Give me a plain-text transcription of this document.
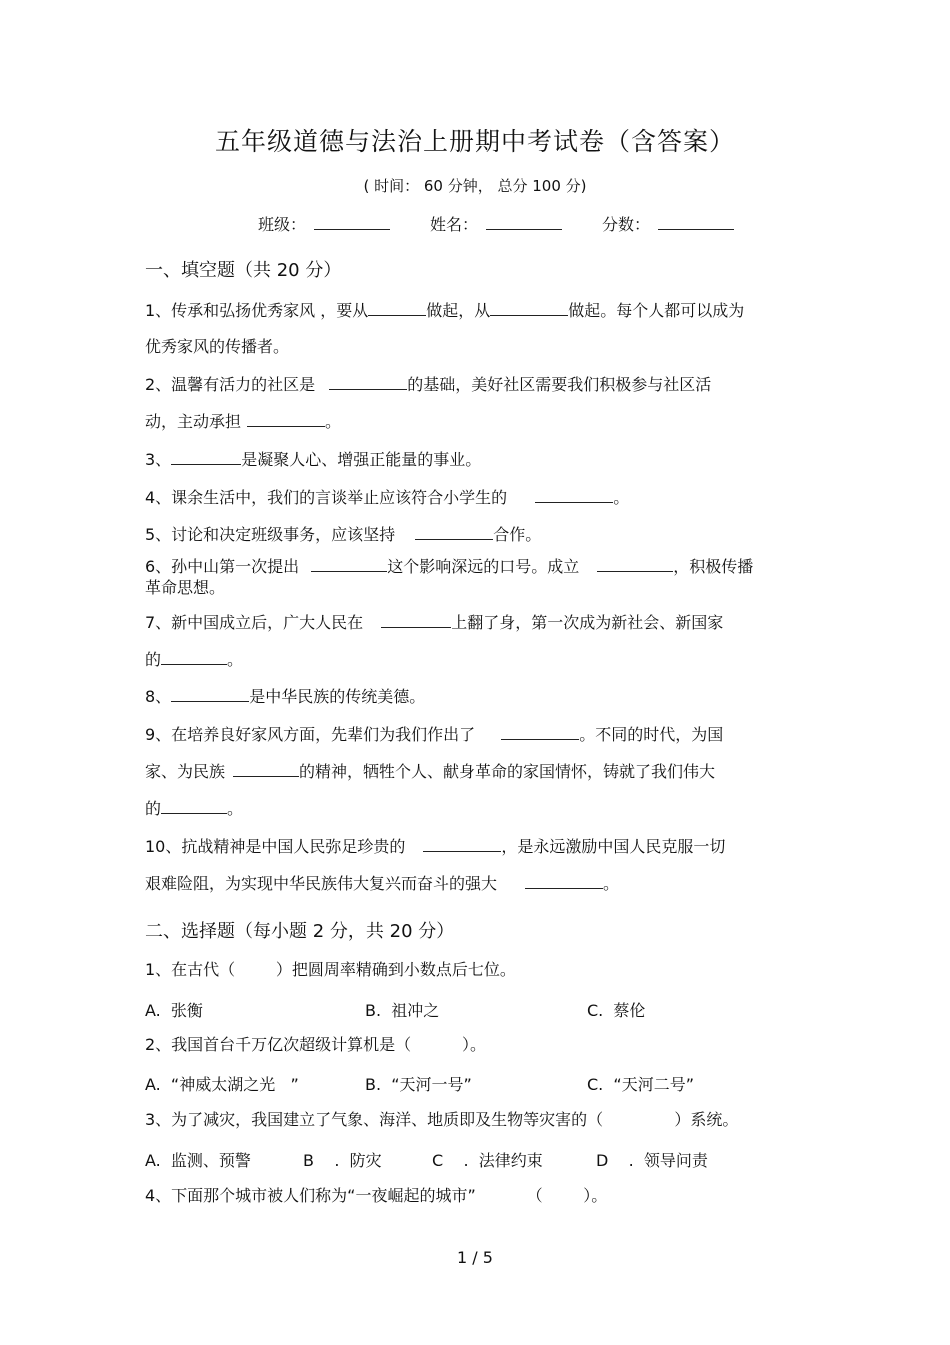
五年级道德与法治上册期中考试卷（含答案）
( 时间： 60 分钟， 总分 100 分)
班级：	姓名：	分数：
一、填空题（共 20 分）
1、传承和弘扬优秀家风 ，要从	做起，从	做起。每个人都可以成为
优秀家风的传播者。
2、温馨有活力的社区是	的基础，美好社区需要我们积极参与社区活
动，主动承担	。
3、	是凝聚人心、增强正能量的事业。
4、课余生活中，我们的言谈举止应该符合小学生的	。
5、讨论和决定班级事务，应该坚持	合作。
6、孙中山第一次提出	这个影响深远的口号。成立	，积极传播
革命思想。
7、新中国成立后，广大人民在	上翻了身，第一次成为新社会、新国家
的	。
8、	是中华民族的传统美德。
9、在培养良好家风方面，先辈们为我们作出了	。不同的时代，为国
家、为民族	的精神，牺牲个人、献身革命的家国情怀，铸就了我们伟大
的	。
10、抗战精神是中国人民弥足珍贵的	，是永远激励中国人民克服一切
艰难险阻，为实现中华民族伟大复兴而奋斗的强大	。
二、选择题（每小题 2 分，共 20 分）
1、在古代（        ）把圆周率精确到小数点后七位。
A.  张衡	B.  祖冲之	C.  蔡伦
2、我国首台千万亿次超级计算机是（          ）。
A.  “神威太湖之光   ”	B.  “天河一号”	C.  “天河二号”
3、为了减灾，我国建立了气象、海洋、地质即及生物等灾害的（              ）系统。
A.  监测、预警	B    .  防灾	C    .  法律约束	D    .  领导问责
4、下面那个城市被人们称为“一夜崛起的城市”          （        ）。
1 / 5
